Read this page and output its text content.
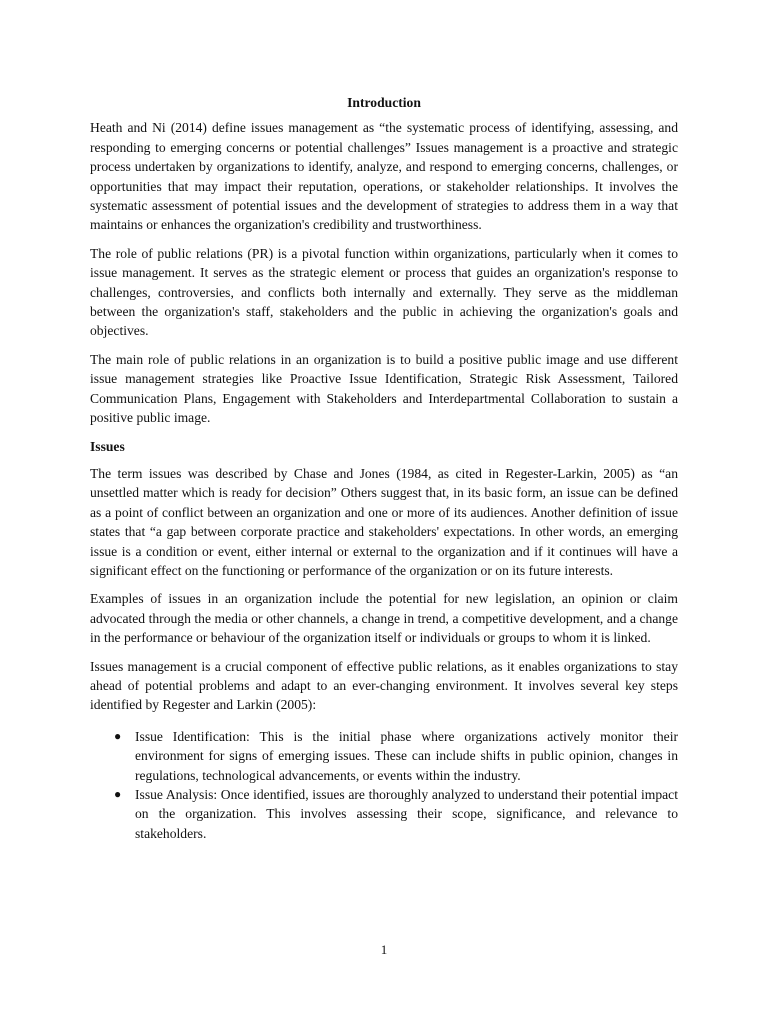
Introduction

Heath and Ni (2014) define issues management as “the systematic process of identifying, assessing, and responding to emerging concerns or potential challenges” Issues management is a proactive and strategic process undertaken by organizations to identify, analyze, and respond to emerging concerns, challenges, or opportunities that may impact their reputation, operations, or stakeholder relationships. It involves the systematic assessment of potential issues and the development of strategies to address them in a way that maintains or enhances the organization's credibility and trustworthiness.

The role of public relations (PR) is a pivotal function within organizations, particularly when it comes to issue management. It serves as the strategic element or process that guides an organization's response to challenges, controversies, and conflicts both internally and externally. They serve as the middleman between the organization's staff, stakeholders and the public in achieving the organization's goals and objectives.

The main role of public relations in an organization is to build a positive public image and use different issue management strategies like Proactive Issue Identification, Strategic Risk Assessment, Tailored Communication Plans, Engagement with Stakeholders and Interdepartmental Collaboration to sustain a positive public image.

Issues

The term issues was described by Chase and Jones (1984, as cited in Regester-Larkin, 2005) as “an unsettled matter which is ready for decision” Others suggest that, in its basic form, an issue can be defined as a point of conflict between an organization and one or more of its audiences. Another definition of issue states that “a gap between corporate practice and stakeholders' expectations. In other words, an emerging issue is a condition or event, either internal or external to the organization and if it continues will have a significant effect on the functioning or performance of the organization or on its future interests.

Examples of issues in an organization include the potential for new legislation, an opinion or claim advocated through the media or other channels, a change in trend, a competitive development, and a change in the performance or behaviour of the organization itself or individuals or groups to whom it is linked.

Issues management is a crucial component of effective public relations, as it enables organizations to stay ahead of potential problems and adapt to an ever-changing environment. It involves several key steps identified by Regester and Larkin (2005):

● Issue Identification: This is the initial phase where organizations actively monitor their environment for signs of emerging issues. These can include shifts in public opinion, changes in regulations, technological advancements, or events within the industry.
● Issue Analysis: Once identified, issues are thoroughly analyzed to understand their potential impact on the organization. This involves assessing their scope, significance, and relevance to stakeholders.
1
